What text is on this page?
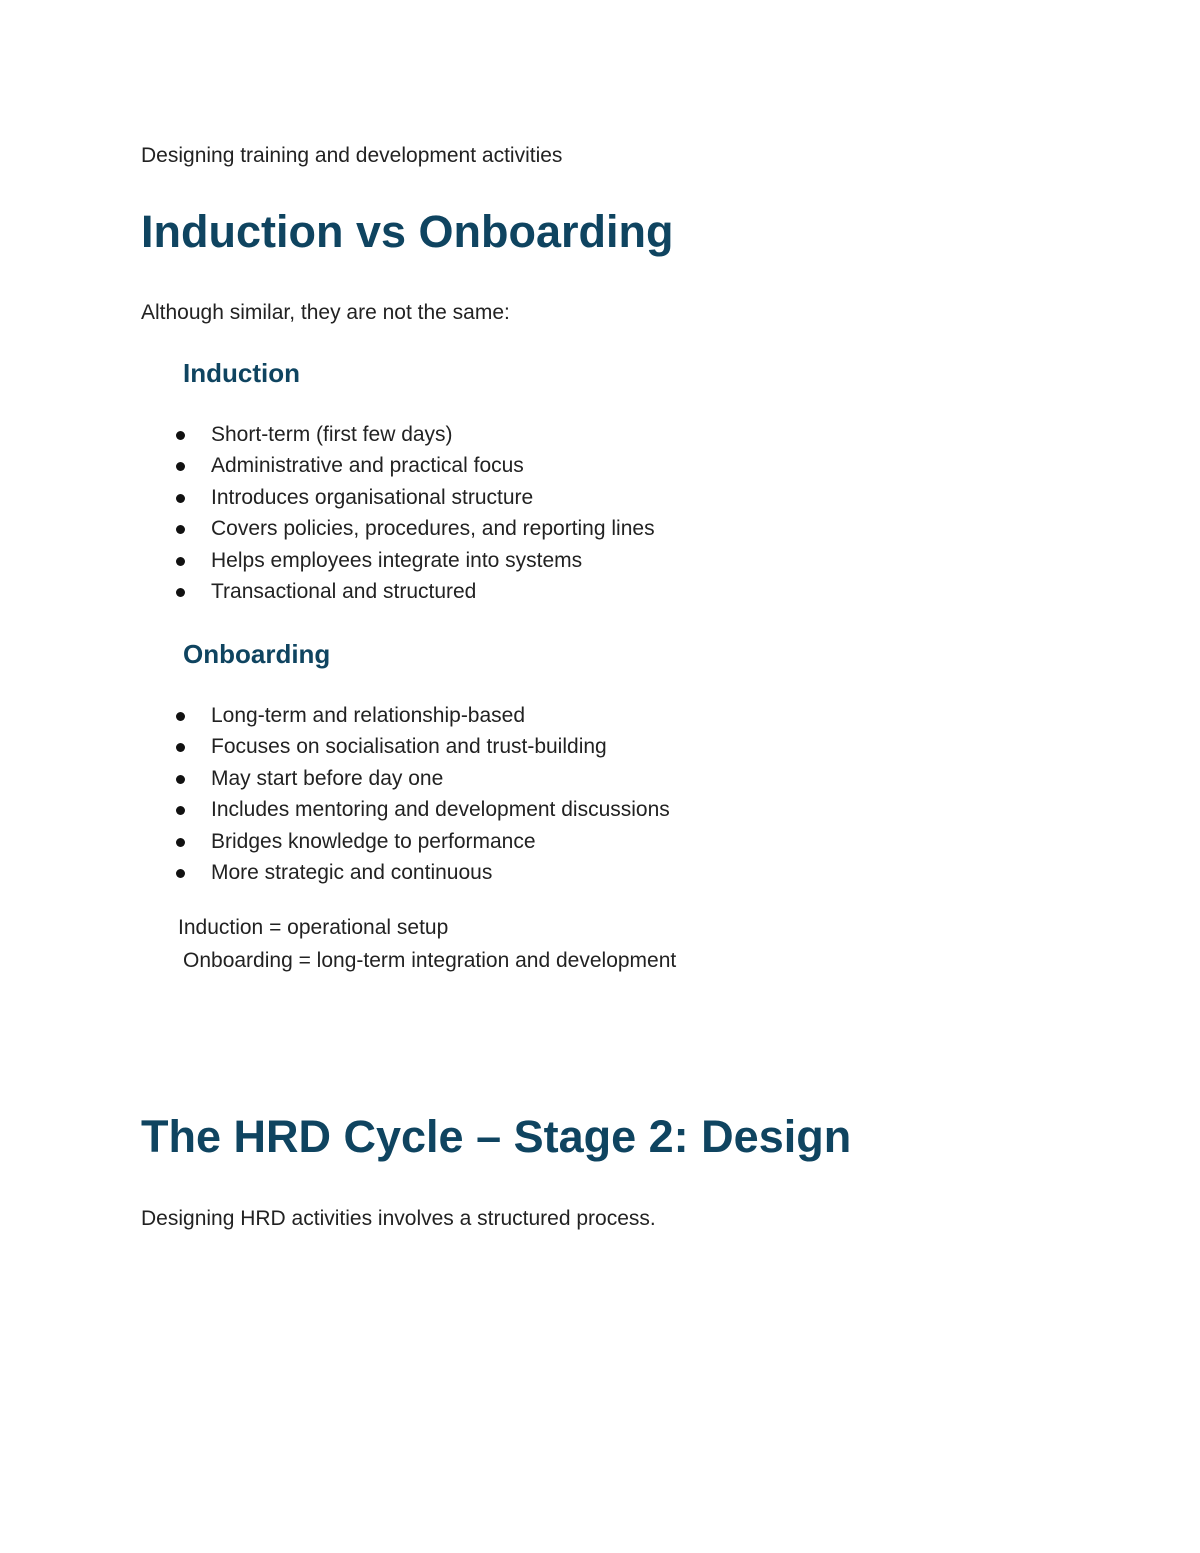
Designing training and development activities
Induction vs Onboarding
Although similar, they are not the same:
Induction
Short-term (first few days)
Administrative and practical focus
Introduces organisational structure
Covers policies, procedures, and reporting lines
Helps employees integrate into systems
Transactional and structured
Onboarding
Long-term and relationship-based
Focuses on socialisation and trust-building
May start before day one
Includes mentoring and development discussions
Bridges knowledge to performance
More strategic and continuous
Induction = operational setup
Onboarding = long-term integration and development
The HRD Cycle – Stage 2: Design
Designing HRD activities involves a structured process.
